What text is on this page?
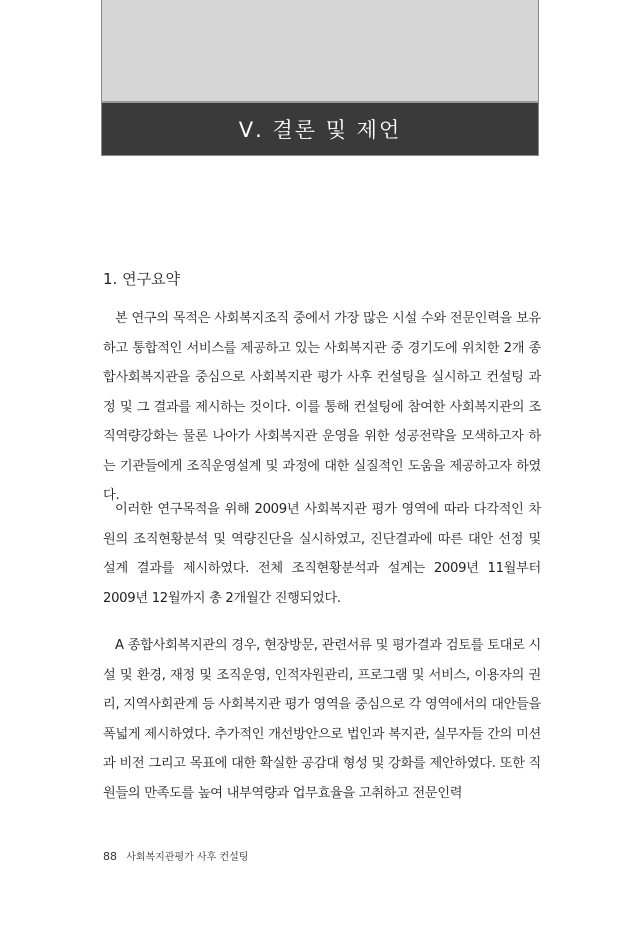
Ⅴ. 결론 및 제언
1. 연구요약

본 연구의 목적은 사회복지조직 중에서 가장 많은 시설 수와 전문인력을 보유하고 통합적인 서비스를 제공하고 있는 사회복지관 중 경기도에 위치한 2개 종합사회복지관을 중심으로 사회복지관 평가 사후 컨설팅을 실시하고 컨설팅 과정 및 그 결과를 제시하는 것이다. 이를 통해 컨설팅에 참여한 사회복지관의 조직역량강화는 물론 나아가 사회복지관 운영을 위한 성공전략을 모색하고자 하는 기관들에게 조직운영설계 및 과정에 대한 실질적인 도움을 제공하고자 하였다.

이러한 연구목적을 위해 2009년 사회복지관 평가 영역에 따라 다각적인 차원의 조직현황분석 및 역량진단을 실시하였고, 진단결과에 따른 대안 선정 및 설계 결과를 제시하였다. 전체 조직현황분석과 설계는 2009년 11월부터 2009년 12월까지 총 2개월간 진행되었다.

A 종합사회복지관의 경우, 현장방문, 관련서류 및 평가결과 검토를 토대로 시설 및 환경, 재정 및 조직운영, 인적자원관리, 프로그램 및 서비스, 이용자의 권리, 지역사회관계 등 사회복지관 평가 영역을 중심으로 각 영역에서의 대안들을 폭넓게 제시하였다. 추가적인 개선방안으로 법인과 복지관, 실무자들 간의 미션과 비전 그리고 목표에 대한 확실한 공감대 형성 및 강화를 제안하였다. 또한 직원들의 만족도를 높여 내부역량과 업무효율을 고취하고 전문인력

88 사회복지관평가 사후 컨설팅
